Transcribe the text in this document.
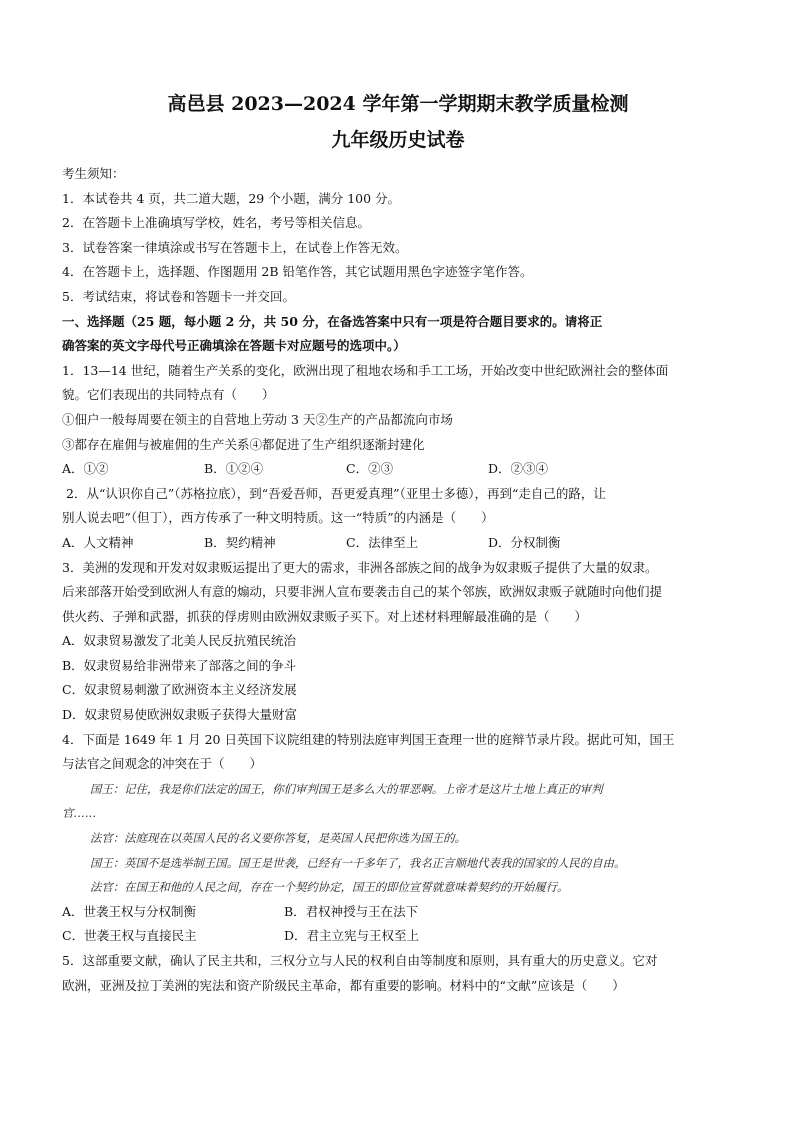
高邑县 2023—2024 学年第一学期期末教学质量检测
九年级历史试卷
考生须知：
1．本试卷共 4 页，共二道大题，29 个小题，满分 100 分。
2．在答题卡上准确填写学校，姓名，考号等相关信息。
3．试卷答案一律填涂或书写在答题卡上，在试卷上作答无效。
4．在答题卡上，选择题、作图题用 2B 铅笔作答，其它试题用黑色字迹签字笔作答。
5．考试结束，将试卷和答题卡一并交回。
一、选择题（25 题，每小题 2 分，共 50 分，在备选答案中只有一项是符合题目要求的。请将正
确答案的英文字母代号正确填涂在答题卡对应题号的选项中。）
1．13—14 世纪，随着生产关系的变化，欧洲出现了租地农场和手工工场，开始改变中世纪欧洲社会的整体面
貌。它们表现出的共同特点有（　　）
①佃户一般每周要在领主的自营地上劳动 3 天②生产的产品都流向市场
③都存在雇佣与被雇佣的生产关系④都促进了生产组织逐渐封建化
A．①②	B．①②④	C．②③	D．②③④
2．从“认识你自己”（苏格拉底），到“吾爱吾师，吾更爱真理”（亚里士多德），再到“走自己的路，让
别人说去吧”（但丁），西方传承了一种文明特质。这一“特质”的内涵是（　　）
A．人文精神	B．契约精神	C．法律至上	D．分权制衡
3．美洲的发现和开发对奴隶贩运提出了更大的需求，非洲各部族之间的战争为奴隶贩子提供了大量的奴隶。
后来部落开始受到欧洲人有意的煽动，只要非洲人宣布要袭击自己的某个邻族，欧洲奴隶贩子就随时向他们提
供火药、子弹和武器，抓获的俘虏则由欧洲奴隶贩子买下。对上述材料理解最准确的是（　　）
A．奴隶贸易激发了北美人民反抗殖民统治
B．奴隶贸易给非洲带来了部落之间的争斗
C．奴隶贸易刺激了欧洲资本主义经济发展
D．奴隶贸易使欧洲奴隶贩子获得大量财富
4．下面是 1649 年 1 月 20 日英国下议院组建的特别法庭审判国王查理一世的庭辩节录片段。据此可知，国王
与法官之间观念的冲突在于（　　）
国王：记住，我是你们法定的国王，你们审判国王是多么大的罪恶啊。上帝才是这片土地上真正的审判
官……
法官：法庭现在以英国人民的名义要你答复，是英国人民把你选为国王的。
国王：英国不是选举制王国。国王是世袭，已经有一千多年了，我名正言顺地代表我的国家的人民的自由。
法官：在国王和他的人民之间，存在一个契约协定，国王的即位宣誓就意味着契约的开始履行。
A．世袭王权与分权制衡	B．君权神授与王在法下
C．世袭王权与直接民主	D．君主立宪与王权至上
5．这部重要文献，确认了民主共和，三权分立与人民的权利自由等制度和原则，具有重大的历史意义。它对
欧洲，亚洲及拉丁美洲的宪法和资产阶级民主革命，都有重要的影响。材料中的“文献”应该是（　　）
